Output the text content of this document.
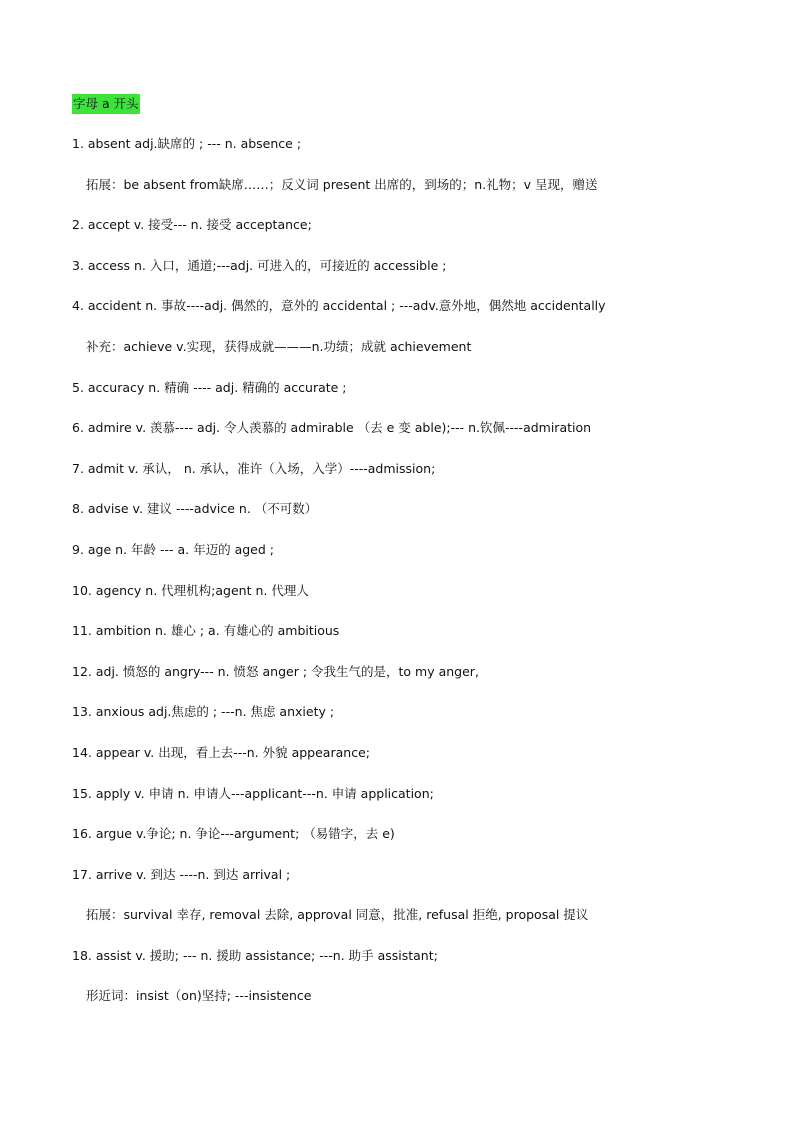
字母 a 开头
1. absent adj.缺席的 ; --- n. absence ;
拓展：be absent from缺席……；反义词 present 出席的，到场的；n.礼物；v 呈现，赠送
2. accept v. 接受--- n. 接受 acceptance;
3. access n. 入口，通道;---adj. 可进入的，可接近的 accessible ;
4. accident n. 事故----adj. 偶然的，意外的 accidental ; ---adv.意外地，偶然地 accidentally
补充：achieve v.实现，获得成就———n.功绩；成就 achievement
5. accuracy n. 精确 ---- adj. 精确的 accurate ;
6. admire v. 羡慕---- adj. 令人羡慕的 admirable （去 e 变 able);--- n.钦佩----admiration
7. admit v. 承认， n. 承认，准许（入场，入学）----admission;
8. advise v. 建议 ----advice n. （不可数）
9. age n. 年龄 --- a. 年迈的 aged ;
10. agency n. 代理机构;agent n. 代理人
11. ambition n. 雄心 ; a. 有雄心的 ambitious
12. adj. 愤怒的 angry--- n. 愤怒 anger ; 令我生气的是，to my anger,
13. anxious adj.焦虑的 ; ---n. 焦虑 anxiety ;
14. appear v. 出现，看上去---n. 外貌 appearance;
15. apply v. 申请 n. 申请人---applicant---n. 申请 application;
16. argue v.争论; n. 争论---argument; （易错字，去 e)
17. arrive v. 到达 ----n. 到达 arrival ;
拓展：survival 幸存, removal 去除, approval 同意，批准, refusal 拒绝, proposal 提议
18. assist v. 援助; --- n. 援助 assistance; ---n. 助手 assistant;
形近词：insist（on)坚持; ---insistence
